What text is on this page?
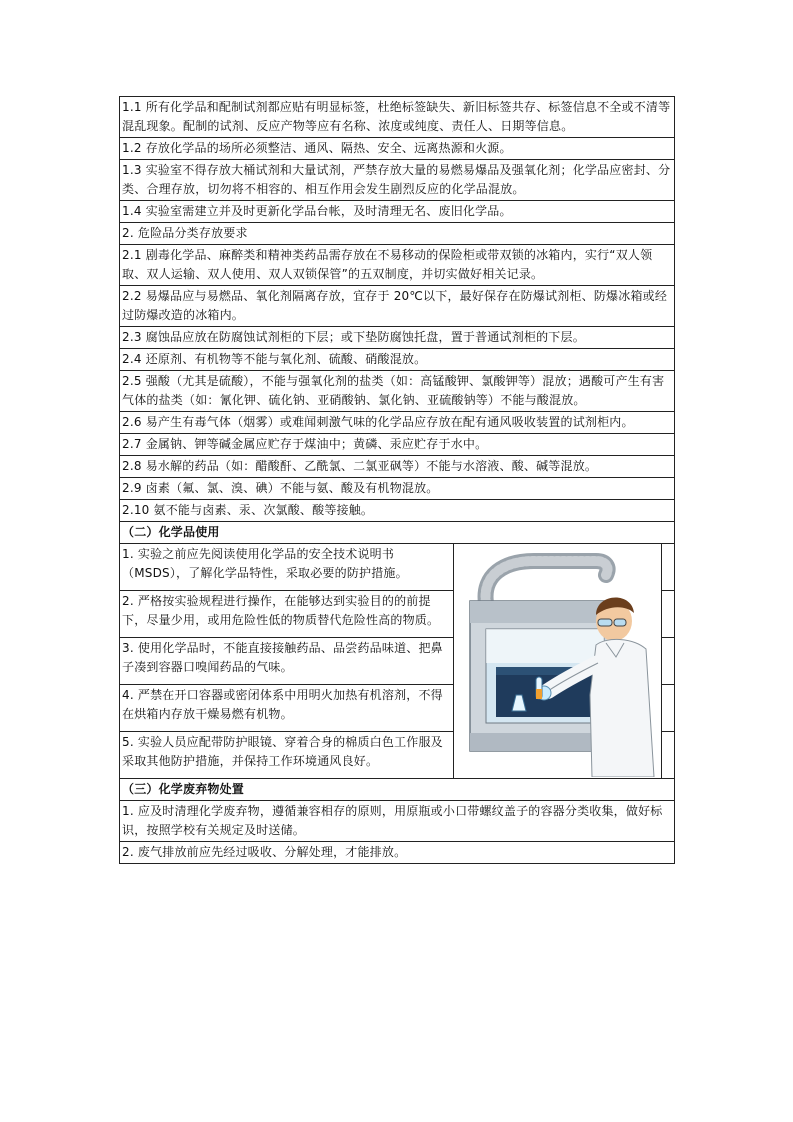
1.1 所有化学品和配制试剂都应贴有明显标签，杜绝标签缺失、新旧标签共存、标签信息不全或不清等混乱现象。配制的试剂、反应产物等应有名称、浓度或纯度、责任人、日期等信息。		
1.2 存放化学品的场所必须整洁、通风、隔热、安全、远离热源和火源。		
1.3 实验室不得存放大桶试剂和大量试剂，严禁存放大量的易燃易爆品及强氧化剂；化学品应密封、分类、合理存放，切勿将不相容的、相互作用会发生剧烈反应的化学品混放。		
1.4 实验室需建立并及时更新化学品台帐，及时清理无名、废旧化学品。		
2. 危险品分类存放要求		
2.1 剧毒化学品、麻醉类和精神类药品需存放在不易移动的保险柜或带双锁的冰箱内，实行“双人领取、双人运输、双人使用、双人双锁保管”的五双制度，并切实做好相关记录。		
2.2 易爆品应与易燃品、氧化剂隔离存放，宜存于 20℃以下，最好保存在防爆试剂柜、防爆冰箱或经过防爆改造的冰箱内。		
2.3 腐蚀品应放在防腐蚀试剂柜的下层；或下垫防腐蚀托盘，置于普通试剂柜的下层。		
2.4 还原剂、有机物等不能与氧化剂、硫酸、硝酸混放。		
2.5 强酸（尤其是硫酸），不能与强氧化剂的盐类（如：高锰酸钾、氯酸钾等）混放；遇酸可产生有害气体的盐类（如：氰化钾、硫化钠、亚硝酸钠、氯化钠、亚硫酸钠等）不能与酸混放。		
2.6 易产生有毒气体（烟雾）或难闻刺激气味的化学品应存放在配有通风吸收装置的试剂柜内。		
2.7 金属钠、钾等碱金属应贮存于煤油中；黄磷、汞应贮存于水中。		
2.8 易水解的药品（如：醋酸酐、乙酰氯、二氯亚砜等）不能与水溶液、酸、碱等混放。		
2.9 卤素（氟、氯、溴、碘）不能与氨、酸及有机物混放。		
2.10 氨不能与卤素、汞、次氯酸、酸等接触。		
（二）化学品使用		
1. 实验之前应先阅读使用化学品的安全技术说明书（MSDS），了解化学品特性，采取必要的防护措施。	

2. 严格按实验规程进行操作，在能够达到实验目的的前提下，尽量少用，或用危险性低的物质替代危险性高的物质。		
3. 使用化学品时，不能直接接触药品、品尝药品味道、把鼻子凑到容器口嗅闻药品的气味。		
4. 严禁在开口容器或密闭体系中用明火加热有机溶剂，不得在烘箱内存放干燥易燃有机物。		
5. 实验人员应配带防护眼镜、穿着合身的棉质白色工作服及采取其他防护措施，并保持工作环境通风良好。		
（三）化学废弃物处置		
1. 应及时清理化学废弃物，遵循兼容相存的原则，用原瓶或小口带螺纹盖子的容器分类收集，做好标识，按照学校有关规定及时送储。		
2. 废气排放前应先经过吸收、分解处理，才能排放。		
